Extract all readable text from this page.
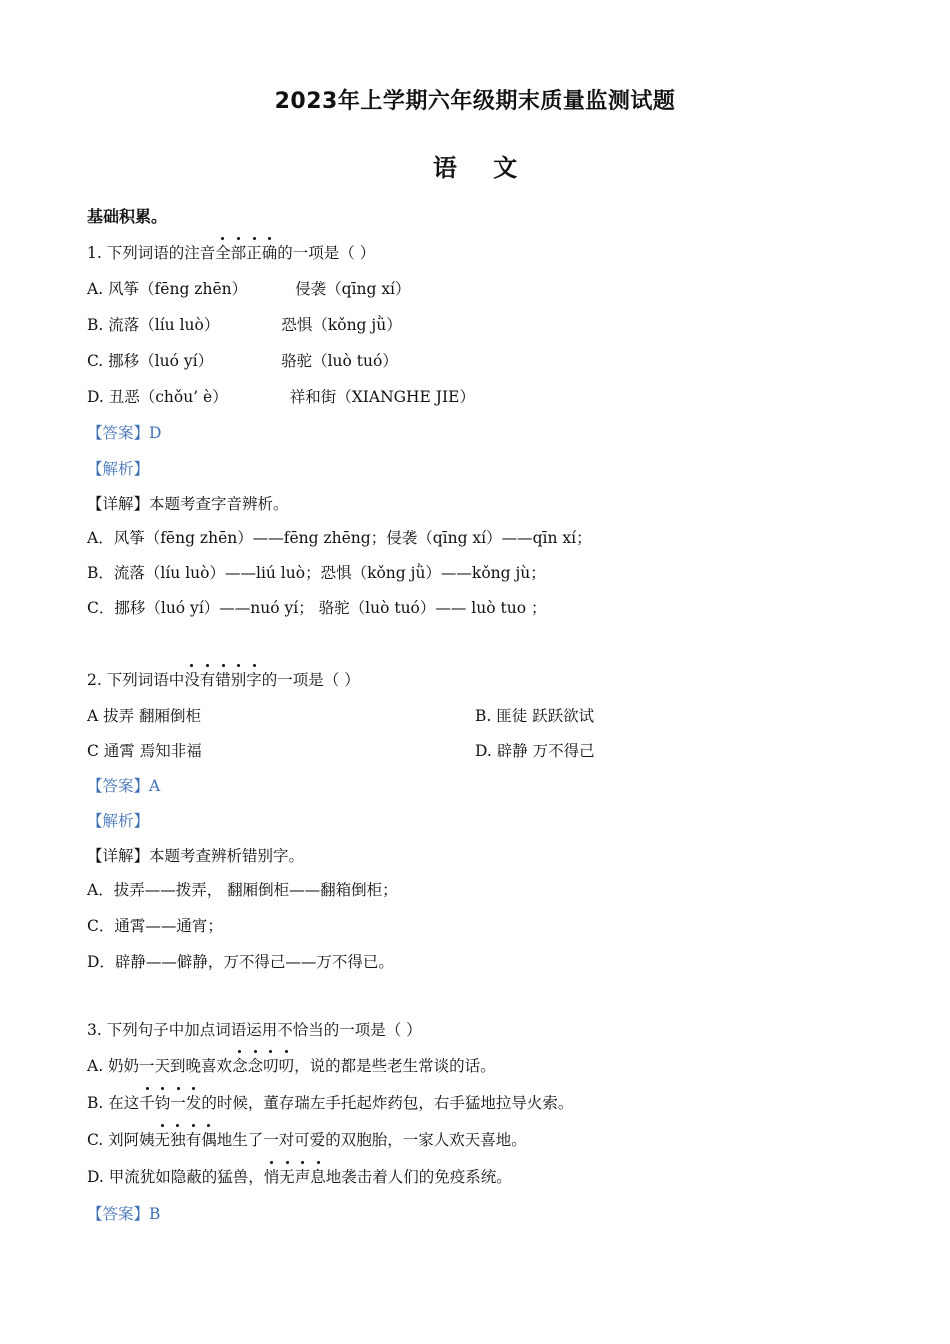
2023年上学期六年级期末质量监测试题
语 文
基础积累。
1. 下列词语的注音全部正确的一项是（ ）
A. 风筝（fēng zhēn）	侵袭（qīng xí）
B. 流落（líu luò）	恐惧（kǒng jǜ）
C. 挪移（luó yí）	骆驼（luò tuó）
D. 丑恶（chǒu’ è）	祥和街（XIANGHE JIE）
【答案】D
【解析】
【详解】本题考查字音辨析。
A．风筝（fēng zhēn）——fēng zhēng；侵袭（qīng xí）——qīn xí；
B．流落（líu luò）——liú luò；恐惧（kǒng jǜ）——kǒng jù；
C．挪移（luó yí）——nuó yí； 骆驼（luò tuó）—— luò tuo ；
2. 下列词语中没有错别字的一项是（ ）
A 拔弄 翻厢倒柜	B. 匪徒 跃跃欲试
C 通霄 焉知非福	D. 辟静 万不得己
【答案】A
【解析】
【详解】本题考查辨析错别字。
A．拔弄——拨弄， 翻厢倒柜——翻箱倒柜；
C．通霄——通宵；
D．辟静——僻静，万不得己——万不得已。
3. 下列句子中加点词语运用不恰当的一项是（ ）
A. 奶奶一天到晚喜欢念念叨叨，说的都是些老生常谈的话。
B. 在这千钧一发的时候，董存瑞左手托起炸药包，右手猛地拉导火索。
C. 刘阿姨无独有偶地生了一对可爱的双胞胎，一家人欢天喜地。
D. 甲流犹如隐蔽的猛兽，悄无声息地袭击着人们的免疫系统。
【答案】B
